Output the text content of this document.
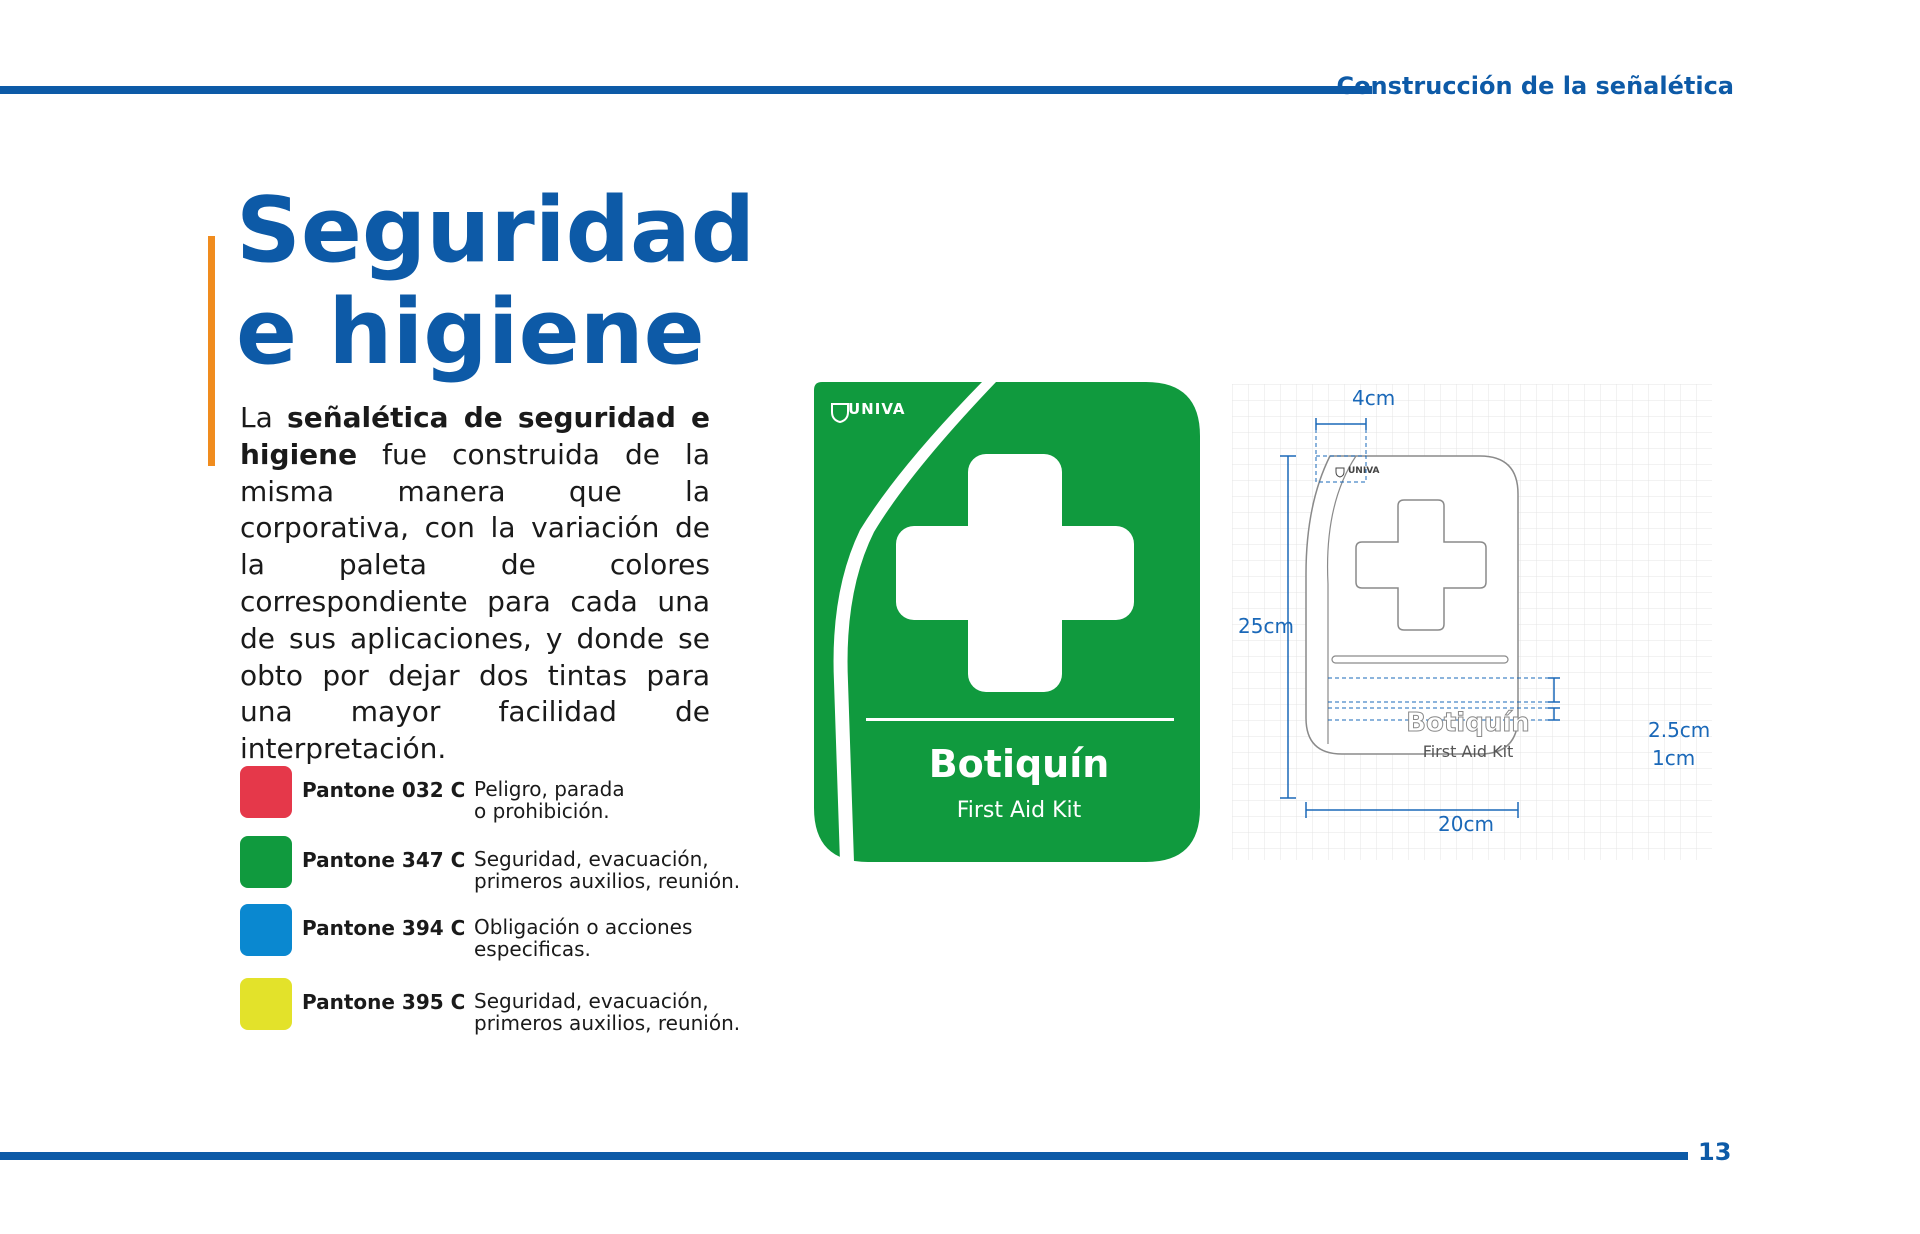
Construcción de la señalética
Seguridad
e higiene

La señalética de seguridad e higiene fue construida de la misma manera que la corporativa, con la variación de la paleta de colores correspondiente para cada una de sus aplicaciones, y donde se obto por dejar dos tintas para una mayor facilidad de interpretación.

Pantone 032 C Peligro, parada
o prohibición.
Pantone 347 C Seguridad, evacuación,
primeros auxilios, reunión.
Pantone 394 C Obligación o acciones
especificas.
Pantone 395 C Seguridad, evacuación,
primeros auxilios, reunión.
UNIVA
Botiquín
First Aid Kit
UNIVA
4cm
25cm
2.5cm
1cm
20cm
Botiquín
First Aid Kit
13
